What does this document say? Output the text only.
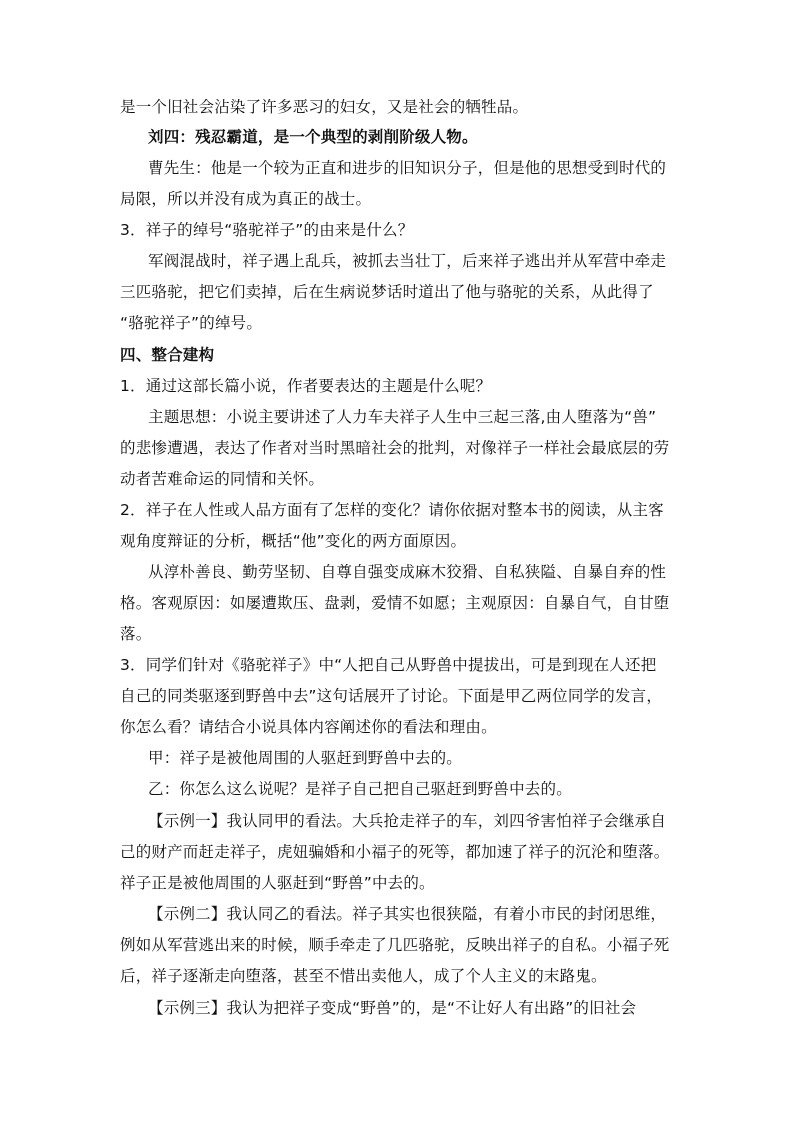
是一个旧社会沾染了许多恶习的妇女，又是社会的牺牲品。
刘四：残忍霸道，是一个典型的剥削阶级人物。
曹先生：他是一个较为正直和进步的旧知识分子，但是他的思想受到时代的
局限，所以并没有成为真正的战士。
3．祥子的绰号“骆驼祥子”的由来是什么？
军阀混战时，祥子遇上乱兵，被抓去当壮丁，后来祥子逃出并从军营中牵走
三匹骆驼，把它们卖掉，后在生病说梦话时道出了他与骆驼的关系，从此得了
“骆驼祥子”的绰号。
四、整合建构
1．通过这部长篇小说，作者要表达的主题是什么呢？
主题思想：小说主要讲述了人力车夫祥子人生中三起三落,由人堕落为“兽”
的悲惨遭遇，表达了作者对当时黑暗社会的批判，对像祥子一样社会最底层的劳
动者苦难命运的同情和关怀。
2．祥子在人性或人品方面有了怎样的变化？请你依据对整本书的阅读，从主客
观角度辩证的分析，概括“他”变化的两方面原因。
从淳朴善良、勤劳坚韧、自尊自强变成麻木狡猾、自私狭隘、自暴自弃的性
格。客观原因：如屡遭欺压、盘剥，爱情不如愿；主观原因：自暴自气，自甘堕
落。
3．同学们针对《骆驼祥子》中“人把自己从野兽中提拔出，可是到现在人还把
自己的同类驱逐到野兽中去”这句话展开了讨论。下面是甲乙两位同学的发言，
你怎么看？请结合小说具体内容阐述你的看法和理由。
甲：祥子是被他周围的人驱赶到野兽中去的。
乙：你怎么这么说呢？是祥子自己把自己驱赶到野兽中去的。
【示例一】我认同甲的看法。大兵抢走祥子的车，刘四爷害怕祥子会继承自
己的财产而赶走祥子，虎妞骗婚和小福子的死等，都加速了祥子的沉沦和堕落。
祥子正是被他周围的人驱赶到“野兽”中去的。
【示例二】我认同乙的看法。祥子其实也很狭隘，有着小市民的封闭思维，
例如从军营逃出来的时候，顺手牵走了几匹骆驼，反映出祥子的自私。小福子死
后，祥子逐渐走向堕落，甚至不惜出卖他人，成了个人主义的末路鬼。
【示例三】我认为把祥子变成“野兽”的，是“不让好人有出路”的旧社会
